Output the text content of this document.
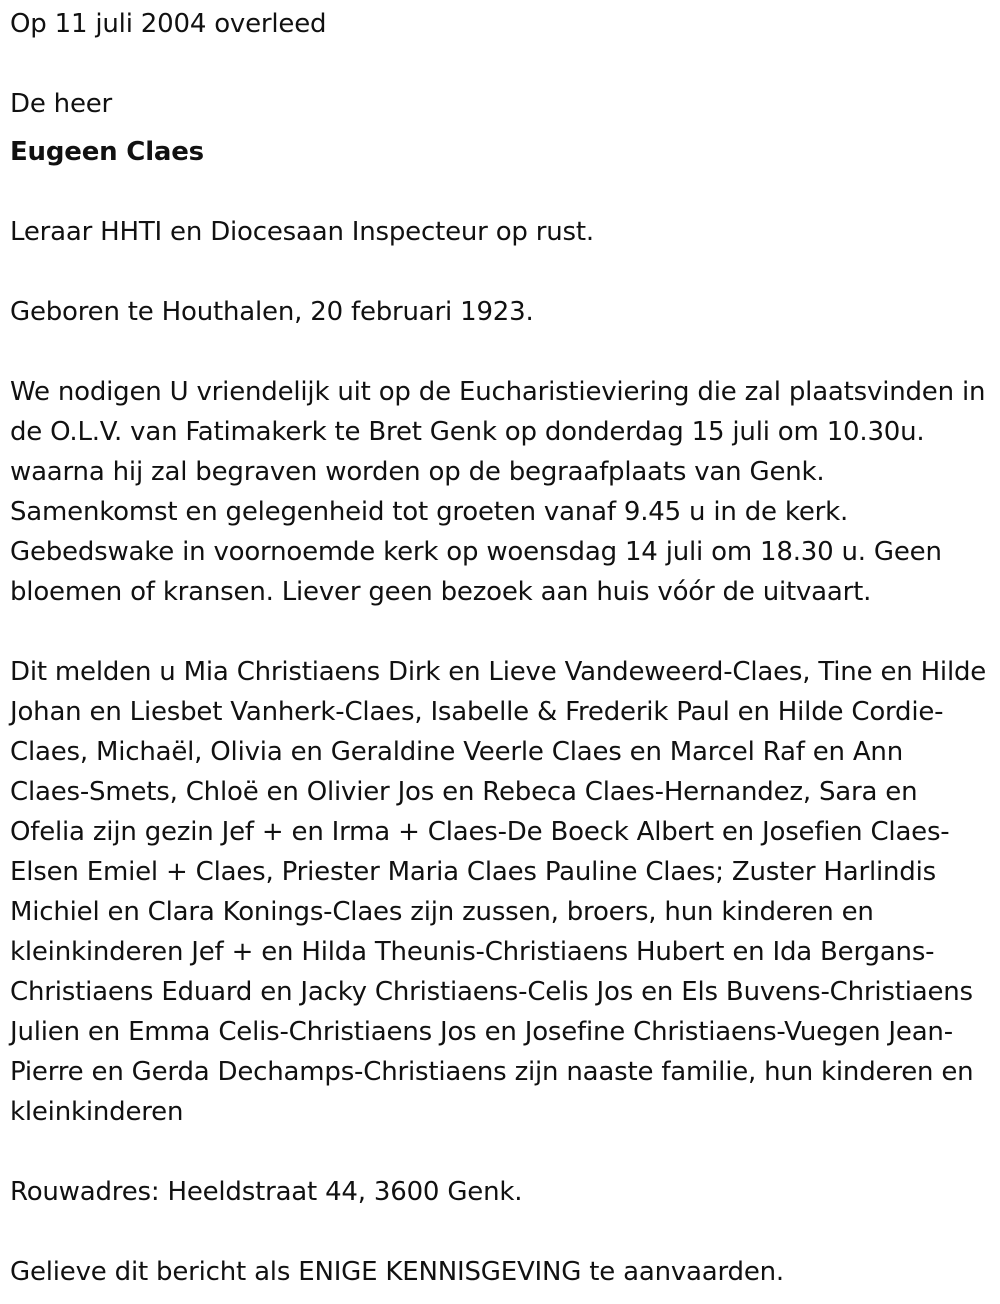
Op 11 juli 2004 overleed

De heer

Eugeen Claes

Leraar HHTI en Diocesaan Inspecteur op rust.

Geboren te Houthalen, 20 februari 1923.

We nodigen U vriendelijk uit op de Eucharistieviering die zal plaatsvinden in de O.L.V. van Fatimakerk te Bret Genk op donderdag 15 juli om 10.30u. waarna hij zal begraven worden op de begraafplaats van Genk. Samenkomst en gelegenheid tot groeten vanaf 9.45 u in de kerk. Gebedswake in voornoemde kerk op woensdag 14 juli om 18.30 u. Geen bloemen of kransen. Liever geen bezoek aan huis vóór de uitvaart.

Dit melden u Mia Christiaens Dirk en Lieve Vandeweerd-Claes, Tine en Hilde Johan en Liesbet Vanherk-Claes, Isabelle & Frederik Paul en Hilde Cordie-Claes, Michaël, Olivia en Geraldine Veerle Claes en Marcel Raf en Ann Claes-Smets, Chloë en Olivier Jos en Rebeca Claes-Hernandez, Sara en Ofelia zijn gezin Jef + en Irma + Claes-De Boeck Albert en Josefien Claes-Elsen Emiel + Claes, Priester Maria Claes Pauline Claes; Zuster Harlindis Michiel en Clara Konings-Claes zijn zussen, broers, hun kinderen en kleinkinderen Jef + en Hilda Theunis-Christiaens Hubert en Ida Bergans-Christiaens Eduard en Jacky Christiaens-Celis Jos en Els Buvens-Christiaens Julien en Emma Celis-Christiaens Jos en Josefine Christiaens-Vuegen Jean-Pierre en Gerda Dechamps-Christiaens zijn naaste familie, hun kinderen en kleinkinderen

Rouwadres: Heeldstraat 44, 3600 Genk.

Gelieve dit bericht als ENIGE KENNISGEVING te aanvaarden.
